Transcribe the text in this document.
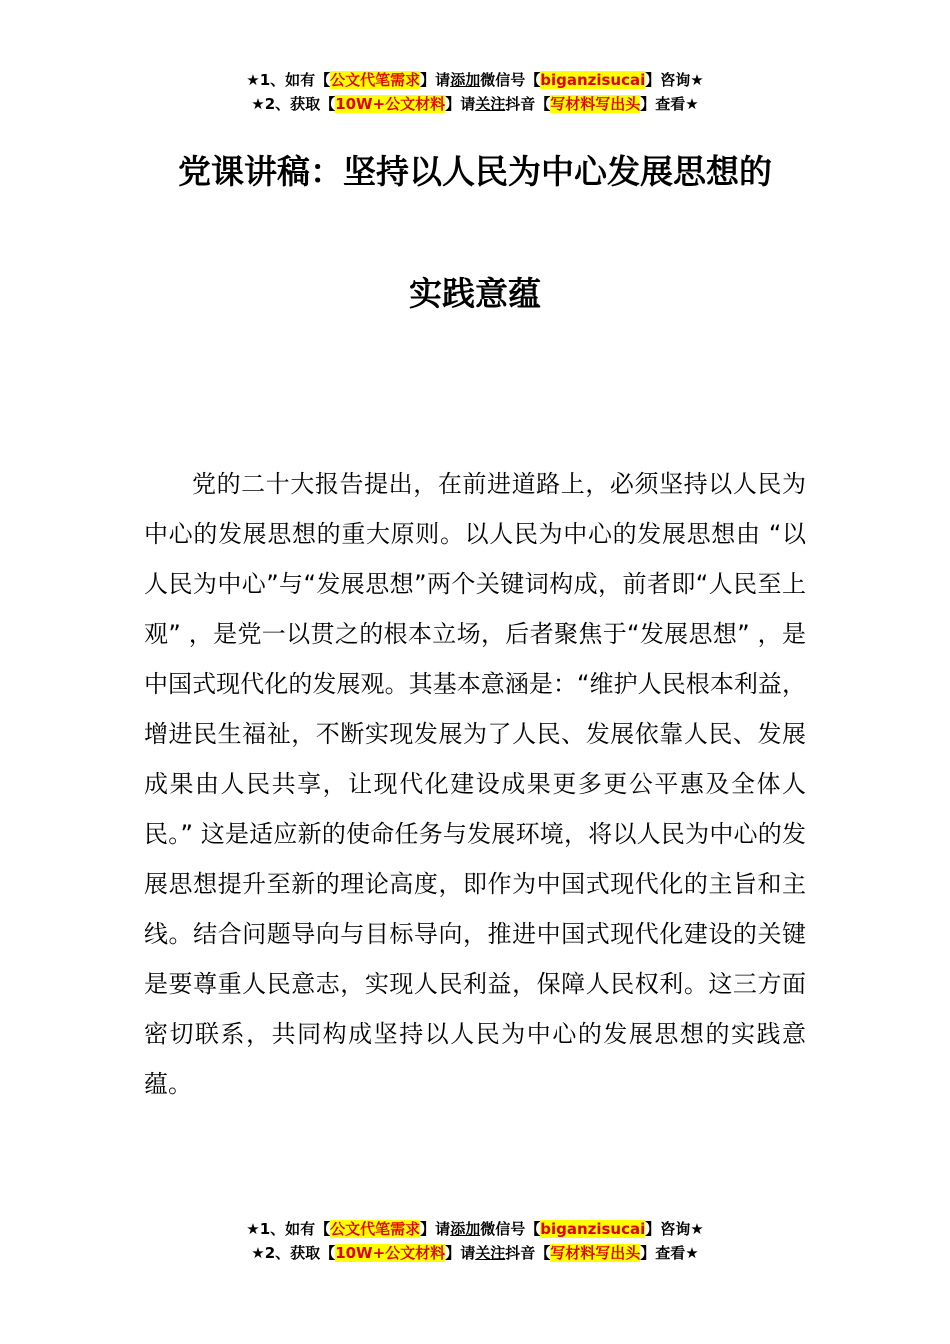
★1、如有【公文代笔需求】请添加微信号【biganzisucai】咨询★
★2、获取【10W+公文材料】请关注抖音【写材料写出头】查看★
党课讲稿：坚持以人民为中心发展思想的
实践意蕴

党的二十大报告提出，在前进道路上，必须坚持以人民为中心的发展思想的重大原则。以人民为中心的发展思想由 “以人民为中心”与“发展思想”两个关键词构成，前者即“人民至上观” ，是党一以贯之的根本立场，后者聚焦于“发展思想” ，是中国式现代化的发展观。其基本意涵是：“维护人民根本利益，增进民生福祉，不断实现发展为了人民、发展依靠人民、发展成果由人民共享，让现代化建设成果更多更公平惠及全体人民。” 这是适应新的使命任务与发展环境，将以人民为中心的发展思想提升至新的理论高度，即作为中国式现代化的主旨和主线。结合问题导向与目标导向，推进中国式现代化建设的关键是要尊重人民意志，实现人民利益，保障人民权利。这三方面密切联系，共同构成坚持以人民为中心的发展思想的实践意蕴。

★1、如有【公文代笔需求】请添加微信号【biganzisucai】咨询★
★2、获取【10W+公文材料】请关注抖音【写材料写出头】查看★
